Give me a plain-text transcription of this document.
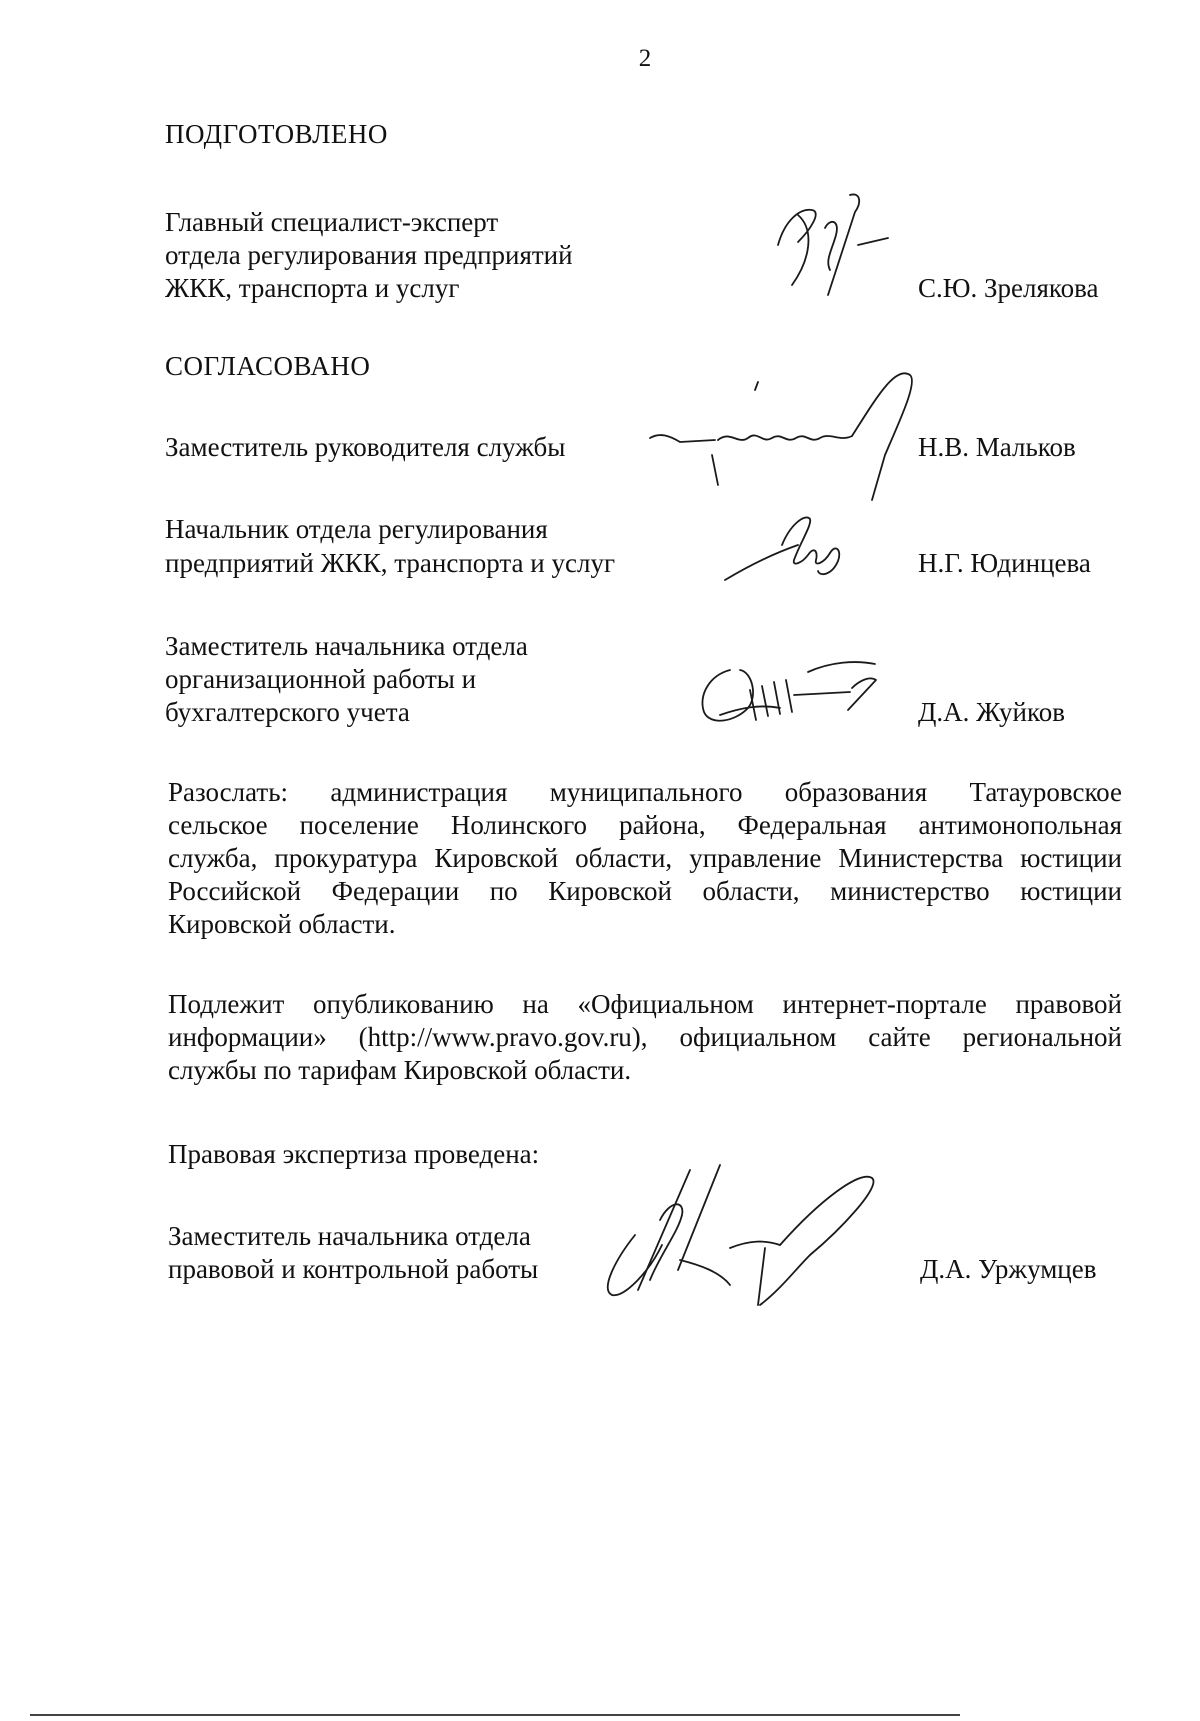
2
ПОДГОТОВЛЕНО
Главный специалист-эксперт
отдела регулирования предприятий
ЖКК, транспорта и услуг	С.Ю. Зрелякова
СОГЛАСОВАНО
Заместитель руководителя службы	Н.В. Мальков
Начальник отдела регулирования
предприятий ЖКК, транспорта и услуг	Н.Г. Юдинцева
Заместитель начальника отдела
организационной работы и
бухгалтерского учета	Д.А. Жуйков
Разослать: администрация муниципального образования Татауровское
сельское поселение Нолинского района, Федеральная антимонопольная
служба, прокуратура Кировской области, управление Министерства юстиции
Российской Федерации по Кировской области, министерство юстиции
Кировской области.
Подлежит опубликованию на «Официальном интернет-портале правовой
информации» (http://www.pravo.gov.ru), официальном сайте региональной
службы по тарифам Кировской области.
Правовая экспертиза проведена:
Заместитель начальника отдела
правовой и контрольной работы	Д.А. Уржумцев
